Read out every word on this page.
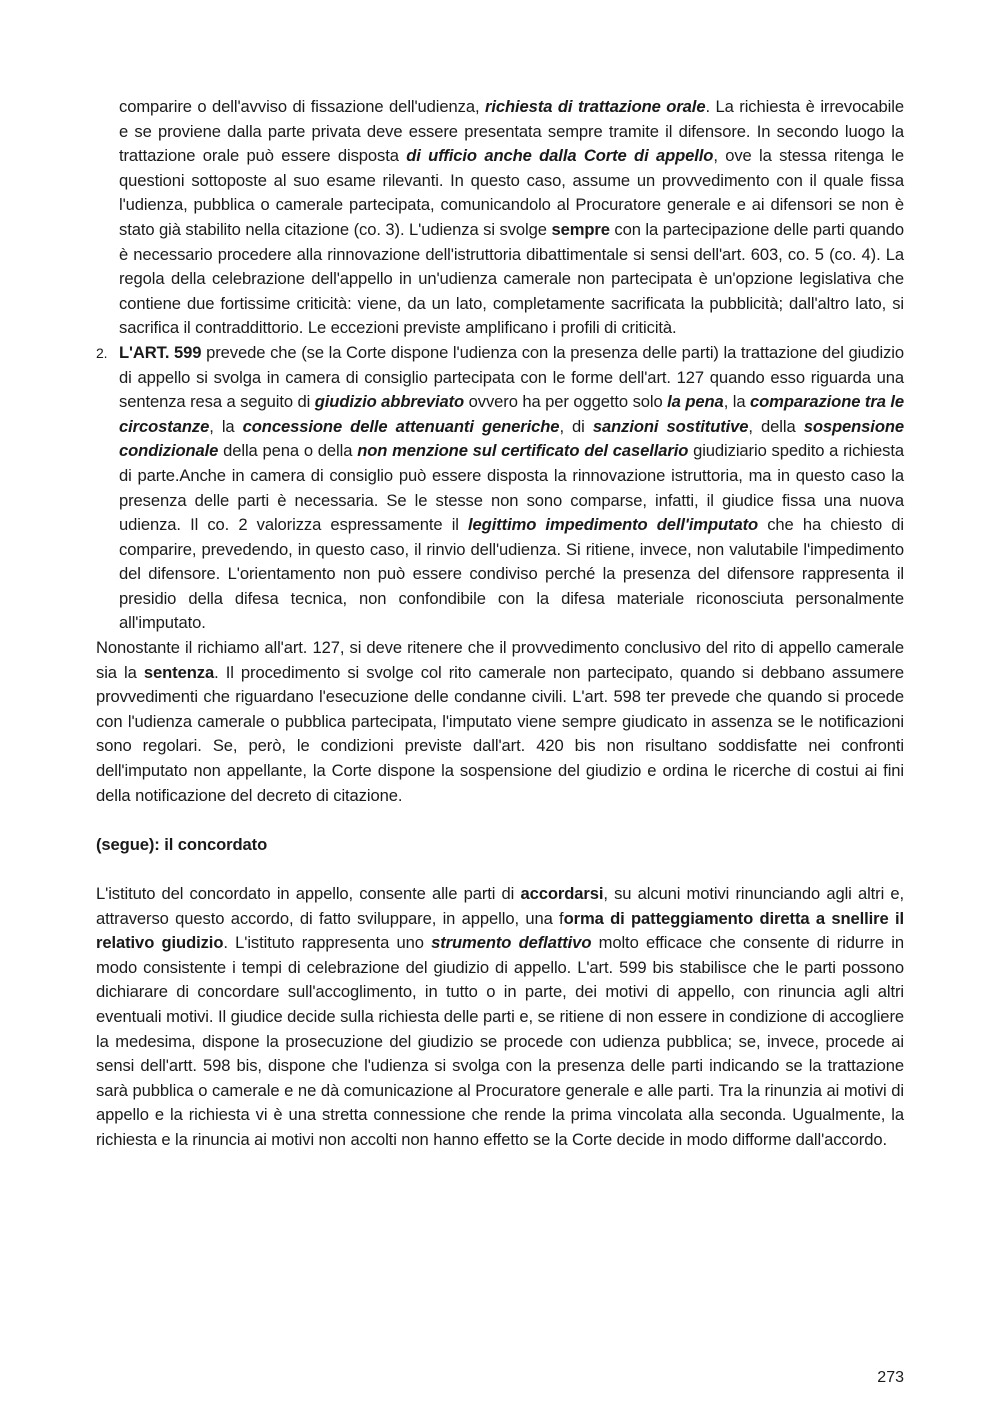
comparire o dell'avviso di fissazione dell'udienza, richiesta di trattazione orale. La richiesta è irrevocabile e se proviene dalla parte privata deve essere presentata sempre tramite il difensore. In secondo luogo la trattazione orale può essere disposta di ufficio anche dalla Corte di appello, ove la stessa ritenga le questioni sottoposte al suo esame rilevanti. In questo caso, assume un provvedimento con il quale fissa l'udienza, pubblica o camerale partecipata, comunicandolo al Procuratore generale e ai difensori se non è stato già stabilito nella citazione (co. 3). L'udienza si svolge sempre con la partecipazione delle parti quando è necessario procedere alla rinnovazione dell'istruttoria dibattimentale si sensi dell'art. 603, co. 5 (co. 4). La regola della celebrazione dell'appello in un'udienza camerale non partecipata è un'opzione legislativa che contiene due fortissime criticità: viene, da un lato, completamente sacrificata la pubblicità; dall'altro lato, si sacrifica il contraddittorio. Le eccezioni previste amplificano i profili di criticità.

2. L'ART. 599 prevede che (se la Corte dispone l'udienza con la presenza delle parti) la trattazione del giudizio di appello si svolga in camera di consiglio partecipata con le forme dell'art. 127 quando esso riguarda una sentenza resa a seguito di giudizio abbreviato ovvero ha per oggetto solo la pena, la comparazione tra le circostanze, la concessione delle attenuanti generiche, di sanzioni sostitutive, della sospensione condizionale della pena o della non menzione sul certificato del casellario giudiziario spedito a richiesta di parte.Anche in camera di consiglio può essere disposta la rinnovazione istruttoria, ma in questo caso la presenza delle parti è necessaria. Se le stesse non sono comparse, infatti, il giudice fissa una nuova udienza. Il co. 2 valorizza espressamente il legittimo impedimento dell'imputato che ha chiesto di comparire, prevedendo, in questo caso, il rinvio dell'udienza. Si ritiene, invece, non valutabile l'impedimento del difensore. L'orientamento non può essere condiviso perché la presenza del difensore rappresenta il presidio della difesa tecnica, non confondibile con la difesa materiale riconosciuta personalmente all'imputato.

Nonostante il richiamo all'art. 127, si deve ritenere che il provvedimento conclusivo del rito di appello camerale sia la sentenza. Il procedimento si svolge col rito camerale non partecipato, quando si debbano assumere provvedimenti che riguardano l'esecuzione delle condanne civili. L'art. 598 ter prevede che quando si procede con l'udienza camerale o pubblica partecipata, l'imputato viene sempre giudicato in assenza se le notificazioni sono regolari. Se, però, le condizioni previste dall'art. 420 bis non risultano soddisfatte nei confronti dell'imputato non appellante, la Corte dispone la sospensione del giudizio e ordina le ricerche di costui ai fini della notificazione del decreto di citazione.

(segue): il concordato

L'istituto del concordato in appello, consente alle parti di accordarsi, su alcuni motivi rinunciando agli altri e, attraverso questo accordo, di fatto sviluppare, in appello, una forma di patteggiamento diretta a snellire il relativo giudizio. L'istituto rappresenta uno strumento deflattivo molto efficace che consente di ridurre in modo consistente i tempi di celebrazione del giudizio di appello. L'art. 599 bis stabilisce che le parti possono dichiarare di concordare sull'accoglimento, in tutto o in parte, dei motivi di appello, con rinuncia agli altri eventuali motivi. Il giudice decide sulla richiesta delle parti e, se ritiene di non essere in condizione di accogliere la medesima, dispone la prosecuzione del giudizio se procede con udienza pubblica; se, invece, procede ai sensi dell'artt. 598 bis, dispone che l'udienza si svolga con la presenza delle parti indicando se la trattazione sarà pubblica o camerale e ne dà comunicazione al Procuratore generale e alle parti. Tra la rinunzia ai motivi di appello e la richiesta vi è una stretta connessione che rende la prima vincolata alla seconda. Ugualmente, la richiesta e la rinuncia ai motivi non accolti non hanno effetto se la Corte decide in modo difforme dall'accordo.

273
